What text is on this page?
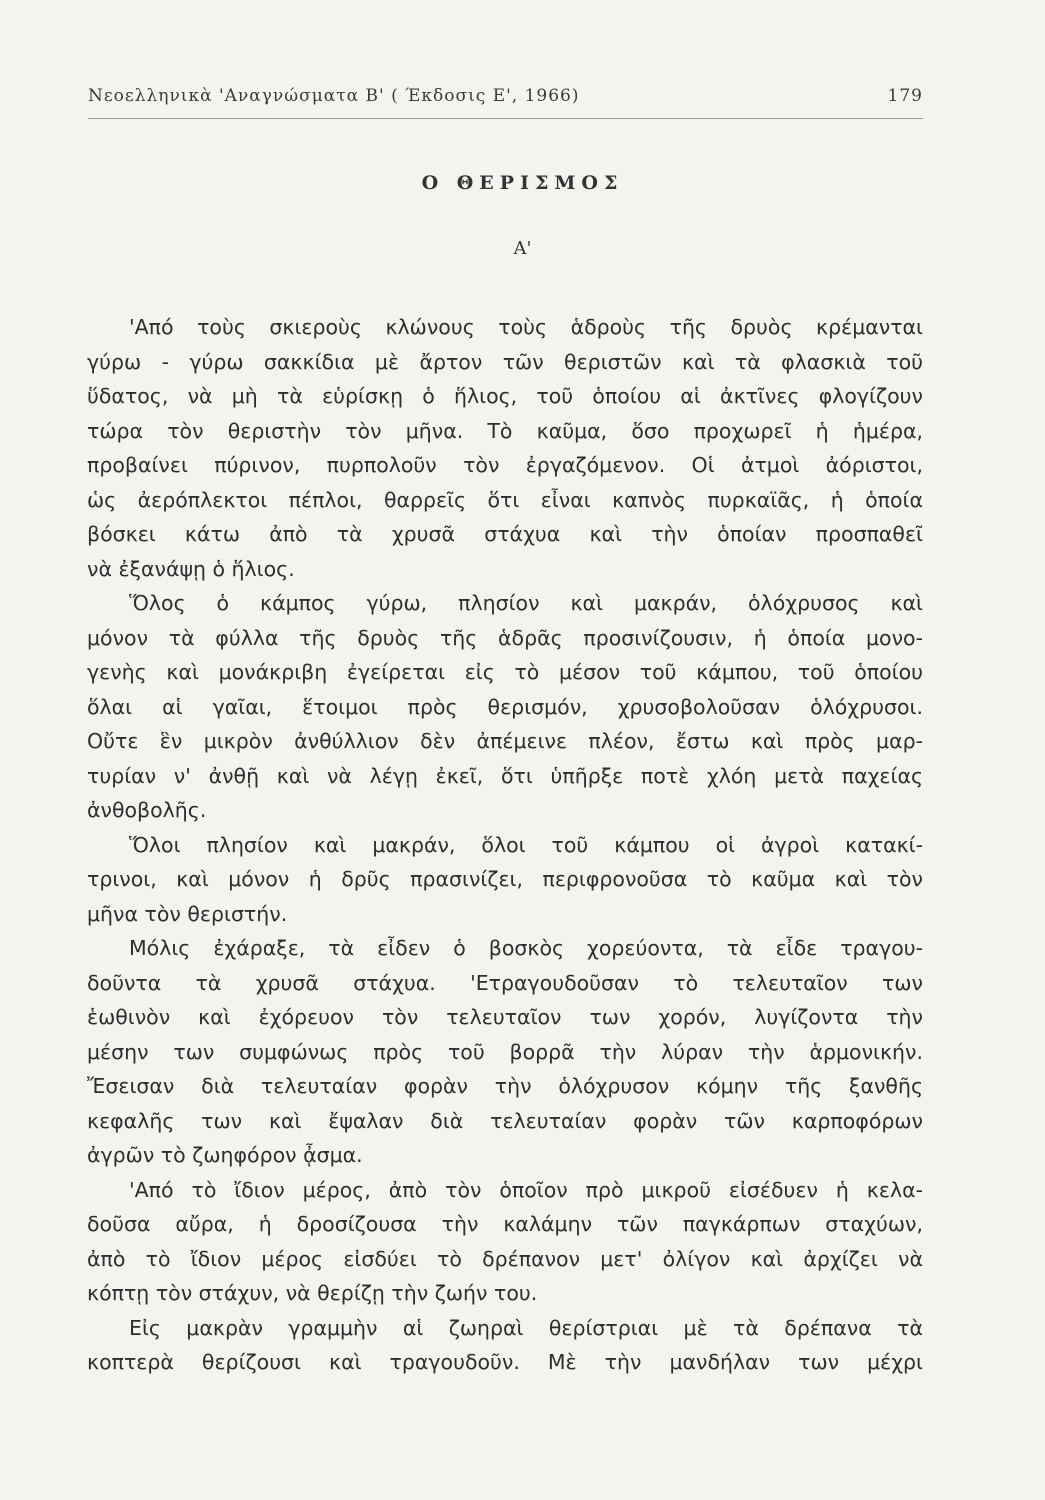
Νεοελληνικὰ 'Αναγνώσματα Β' ( Έκδοσις Ε', 1966)	179
Ο ΘΕΡΙΣΜΟΣ
Α'
'Από τοὺς σκιεροὺς κλώνους τοὺς ἁδροὺς τῆς δρυὸς κρέμανται
γύρω - γύρω σακκίδια μὲ ἄρτον τῶν θεριστῶν καὶ τὰ φλασκιὰ τοῦ
ὕδατος, νὰ μὴ τὰ εὑρίσκῃ ὁ ἥλιος, τοῦ ὁποίου αἱ ἀκτῖνες φλογίζουν
τώρα τὸν θεριστὴν τὸν μῆνα. Τὸ καῦμα, ὅσο προχωρεῖ ἡ ἡμέρα,
προβαίνει πύρινον, πυρπολοῦν τὸν ἐργαζόμενον. Οἱ ἀτμοὶ ἀόριστοι,
ὡς ἀερόπλεκτοι πέπλοι, θαρρεῖς ὅτι εἶναι καπνὸς πυρκαϊᾶς, ἡ ὁποία
βόσκει κάτω ἀπὸ τὰ χρυσᾶ στάχυα καὶ τὴν ὁποίαν προσπαθεῖ
νὰ ἐξανάψῃ ὁ ἥλιος.
Ὅλος ὁ κάμπος γύρω, πλησίον καὶ μακράν, ὁλόχρυσος καὶ
μόνον τὰ φύλλα τῆς δρυὸς τῆς ἁδρᾶς προσινίζουσιν, ἡ ὁποία μονο-
γενὴς καὶ μονάκριβη ἐγείρεται εἰς τὸ μέσον τοῦ κάμπου, τοῦ ὁποίου
ὅλαι αἱ γαῖαι, ἕτοιμοι πρὸς θερισμόν, χρυσοβολοῦσαν ὁλόχρυσοι.
Οὔτε ἓν μικρὸν ἀνθύλλιον δὲν ἀπέμεινε πλέον, ἔστω καὶ πρὸς μαρ-
τυρίαν ν' ἀνθῇ καὶ νὰ λέγῃ ἐκεῖ, ὅτι ὑπῆρξε ποτὲ χλόη μετὰ παχείας
ἀνθοβολῆς.
Ὅλοι πλησίον καὶ μακράν, ὅλοι τοῦ κάμπου οἱ ἀγροὶ κατακί-
τρινοι, καὶ μόνον ἡ δρῦς πρασινίζει, περιφρονοῦσα τὸ καῦμα καὶ τὸν
μῆνα τὸν θεριστήν.
Μόλις ἐχάραξε, τὰ εἶδεν ὁ βοσκὸς χορεύοντα, τὰ εἶδε τραγου-
δοῦντα τὰ χρυσᾶ στάχυα. 'Ετραγουδοῦσαν τὸ τελευταῖον των
ἑωθινὸν καὶ ἐχόρευον τὸν τελευταῖον των χορόν, λυγίζοντα τὴν
μέσην των συμφώνως πρὸς τοῦ βορρᾶ τὴν λύραν τὴν ἁρμονικήν.
Ἔσεισαν διὰ τελευταίαν φορὰν τὴν ὁλόχρυσον κόμην τῆς ξανθῆς
κεφαλῆς των καὶ ἔψαλαν διὰ τελευταίαν φορὰν τῶν καρποφόρων
ἀγρῶν τὸ ζωηφόρον ᾆσμα.
'Από τὸ ἴδιον μέρος, ἀπὸ τὸν ὁποῖον πρὸ μικροῦ εἰσέδυεν ἡ κελα-
δοῦσα αὔρα, ἡ δροσίζουσα τὴν καλάμην τῶν παγκάρπων σταχύων,
ἀπὸ τὸ ἴδιον μέρος εἰσδύει τὸ δρέπανον μετ' ὀλίγον καὶ ἀρχίζει νὰ
κόπτῃ τὸν στάχυν, νὰ θερίζῃ τὴν ζωήν του.
Εἰς μακρὰν γραμμὴν αἱ ζωηραὶ θερίστριαι μὲ τὰ δρέπανα τὰ
κοπτερὰ θερίζουσι καὶ τραγουδοῦν. Μὲ τὴν μανδήλαν των μέχρι
